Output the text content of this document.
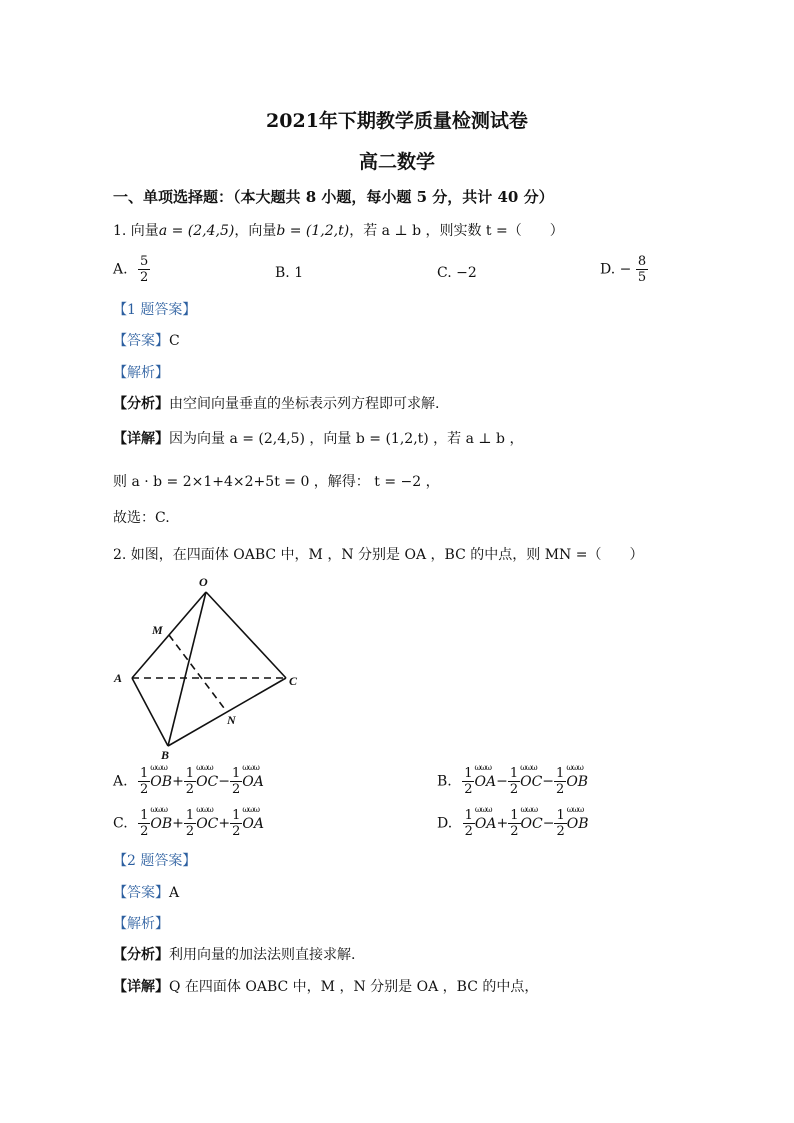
2021年下期教学质量检测试卷
高二数学
一、单项选择题：（本大题共 8 小题，每小题 5 分，共计 40 分）
1. 向量a = (2,4,5)，向量b = (1,2,t)，若 a ⊥ b ，则实数 t =（　　）
A. $\frac{5}{2}$	B. 1	C. −2	D. − $\frac{8}{5}$
【1 题答案】
【答案】C
【解析】
【分析】由空间向量垂直的坐标表示列方程即可求解.
【详解】因为向量 a = (2,4,5) ，向量 b = (1,2,t) ，若 a ⊥ b ，
则 a · b = 2×1+4×2+5t = 0 ，解得： t = −2 ，
故选：C.
2. 如图，在四面体 OABC 中，M ，N 分别是 OA ，BC 的中点，则 MN =（　　）
O
M
A	C
N
B
A. $\frac{1}{2}$ ωωω $OB+ \frac{1}{2}$ ωωω $OC- \frac{1}{2}$ ωωω OA	B. $\frac{1}{2}$ ωωω $OA- \frac{1}{2}$ ωωω $OC- \frac{1}{2}$ ωωω OB
C. $\frac{1}{2}$ ωωω $OB+ \frac{1}{2}$ ωωω $OC+ \frac{1}{2}$ ωωω OA	D. $\frac{1}{2}$ ωωω $OA+ \frac{1}{2}$ ωωω $OC- \frac{1}{2}$ ωωω OB
【2 题答案】
【答案】A
【解析】
【分析】利用向量的加法法则直接求解.
【详解】Q 在四面体 OABC 中，M ，N 分别是 OA ，BC 的中点，
